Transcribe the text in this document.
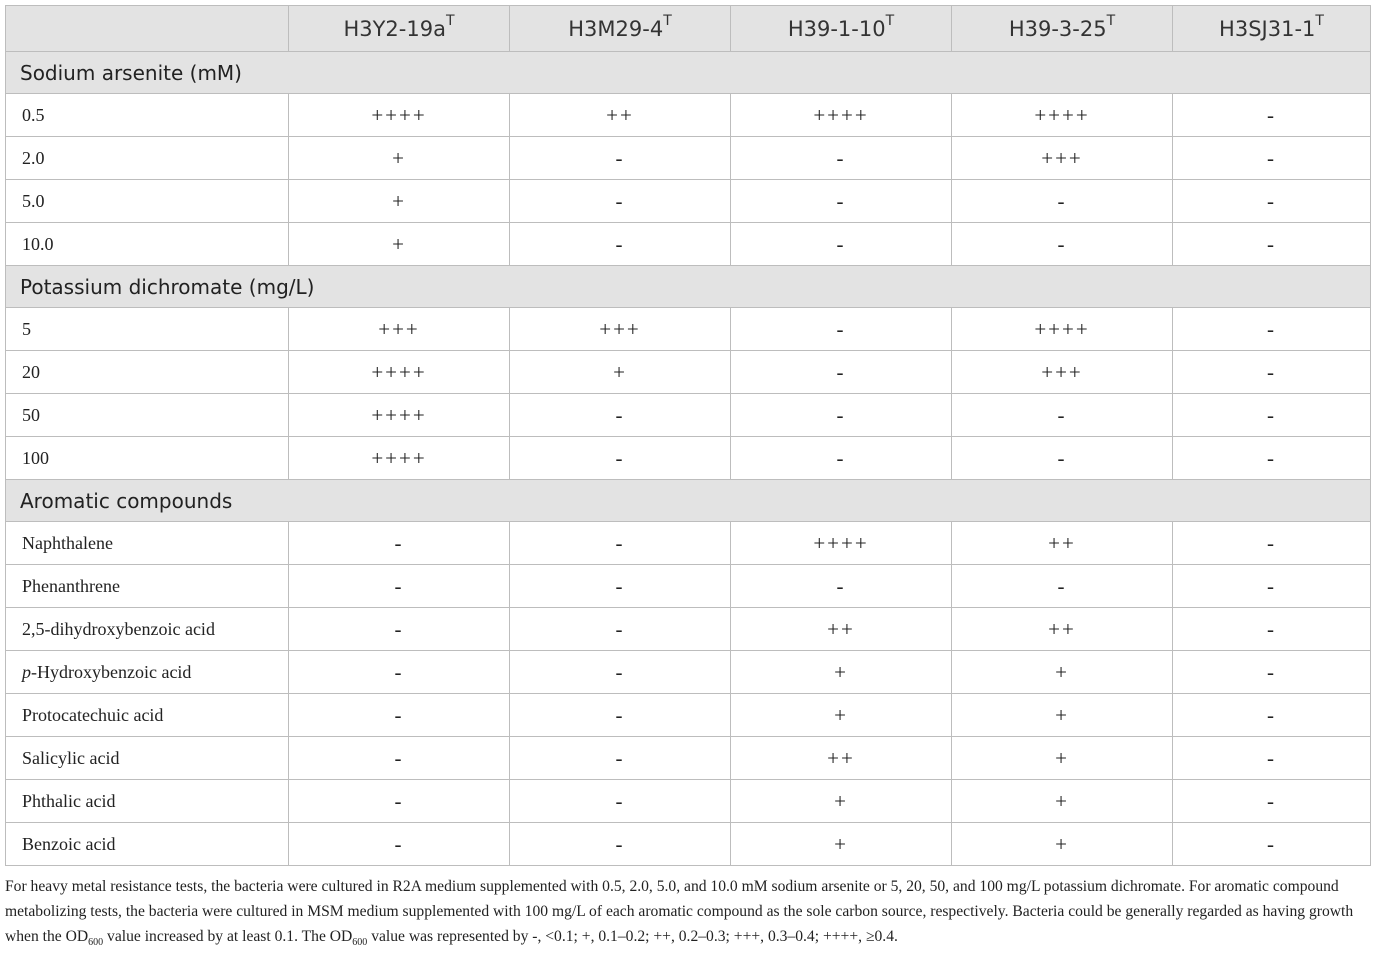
	$H3Y2-19a^T$	$H3M29-4^T$	$H39-1-10^T$	$H39-3-25^T$	$H3SJ31-1^T$
Sodium arsenite (mM)					
0.5	++++	++	++++	++++	-
2.0	+	-	-	+++	-
5.0	+	-	-	-	-
10.0	+	-	-	-	-
Potassium dichromate (mg/L)					
5	+++	+++	-	++++	-
20	++++	+	-	+++	-
50	++++	-	-	-	-
100	++++	-	-	-	-
Aromatic compounds					
Naphthalene	-	-	++++	++	-
Phenanthrene	-	-	-	-	-
2,5-dihydroxybenzoic acid	-	-	++	++	-
p-Hydroxybenzoic acid	-	-	+	+	-
Protocatechuic acid	-	-	+	+	-
Salicylic acid	-	-	++	+	-
Phthalic acid	-	-	+	+	-
Benzoic acid	-	-	+	+	-
For heavy metal resistance tests, the bacteria were cultured in R2A medium supplemented with 0.5, 2.0, 5.0, and 10.0 mM sodium arsenite or 5, 20, 50, and 100 mg/L potassium dichromate. For aromatic compound metabolizing tests, the bacteria were cultured in MSM medium supplemented with 100 mg/L of each aromatic compound as the sole carbon source, respectively. Bacteria could be generally regarded as having growth when the $OD_{600}$ value increased by at least 0.1. The $OD_{600}$ value was represented by -, <0.1; +, 0.1–0.2; ++, 0.2–0.3; +++, 0.3–0.4; ++++, ≥0.4.
